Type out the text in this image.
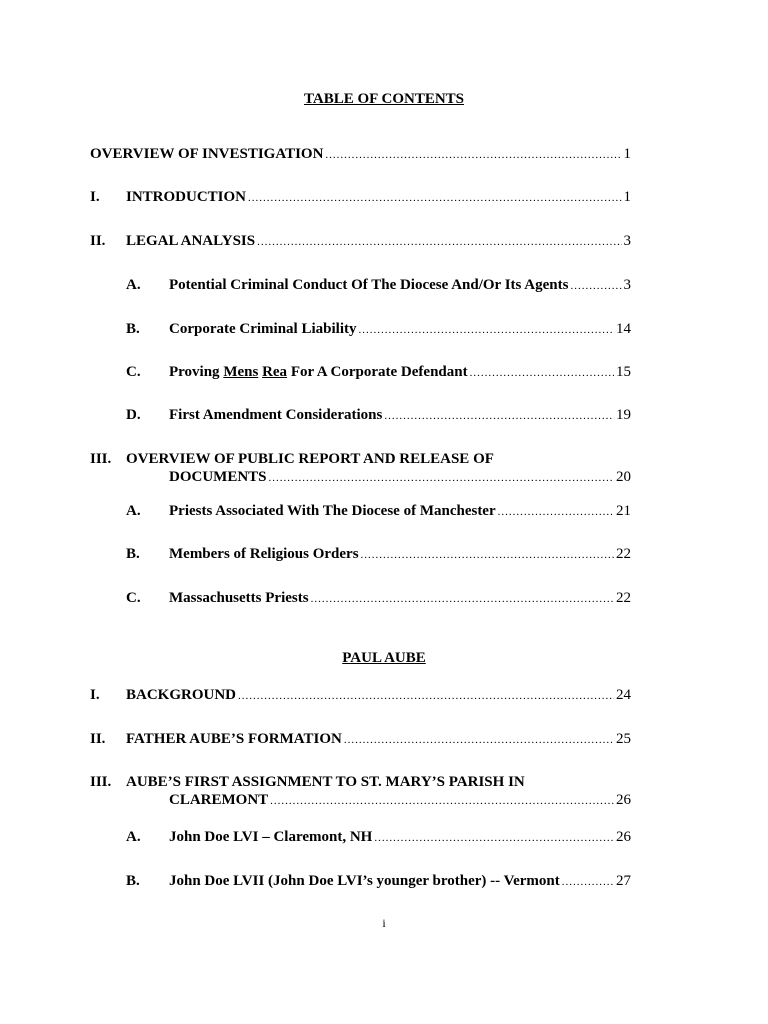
TABLE OF CONTENTS
OVERVIEW OF INVESTIGATION .....	1
I.	INTRODUCTION .....	1
II.	LEGAL ANALYSIS .....	3
A.	Potential Criminal Conduct Of The Diocese And/Or Its Agents .....	3
B.	Corporate Criminal Liability .....	14
C.	Proving Mens Rea For A Corporate Defendant .....	15
D.	First Amendment Considerations .....	19
III. OVERVIEW OF PUBLIC REPORT AND RELEASE OF
DOCUMENTS .....	20
A.	Priests Associated With The Diocese of Manchester .....	21
B.	Members of Religious Orders .....	22
C.	Massachusetts Priests .....	22
PAUL AUBE
I.	BACKGROUND .....	24
II.	FATHER AUBE’S FORMATION .....	25
III. AUBE’S FIRST ASSIGNMENT TO ST. MARY’S PARISH IN
CLAREMONT .....	26
A.	John Doe LVI – Claremont, NH .....	26
B.	John Doe LVII (John Doe LVI’s younger brother) -- Vermont .....	27
i
